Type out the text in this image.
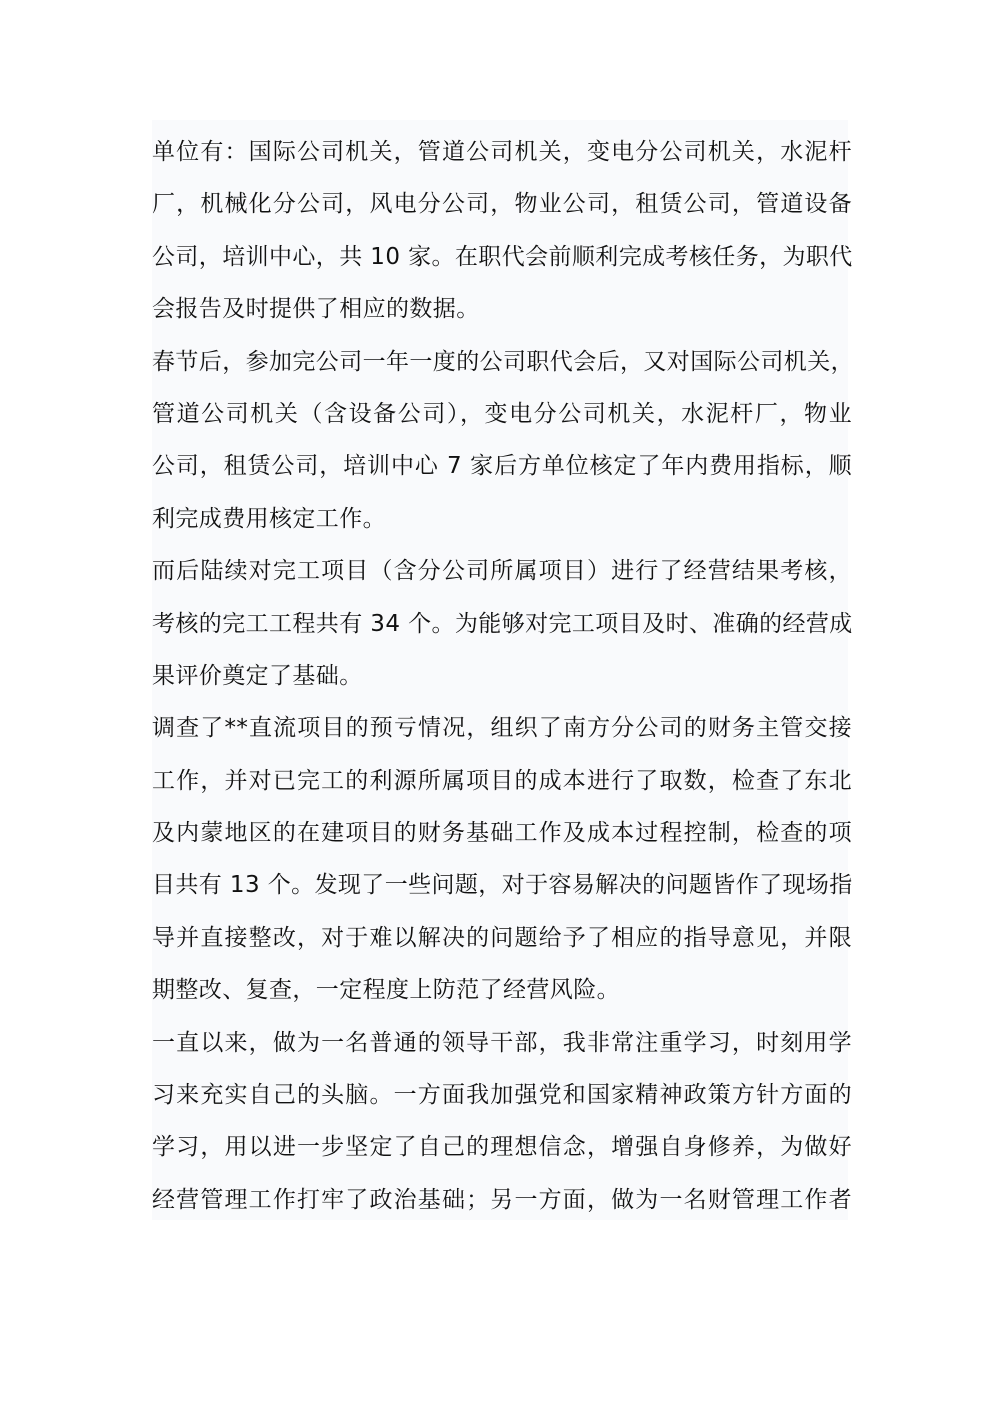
单位有：国际公司机关，管道公司机关，变电分公司机关，水泥杆
厂，机械化分公司，风电分公司，物业公司，租赁公司，管道设备
公司，培训中心，共 10 家。在职代会前顺利完成考核任务，为职代
会报告及时提供了相应的数据。

春节后，参加完公司一年一度的公司职代会后，又对国际公司机关，
管道公司机关（含设备公司），变电分公司机关，水泥杆厂，物业
公司，租赁公司，培训中心 7 家后方单位核定了年内费用指标，顺
利完成费用核定工作。

而后陆续对完工项目（含分公司所属项目）进行了经营结果考核，
考核的完工工程共有 34 个。为能够对完工项目及时、准确的经营成
果评价奠定了基础。

调查了**直流项目的预亏情况，组织了南方分公司的财务主管交接
工作，并对已完工的利源所属项目的成本进行了取数，检查了东北
及内蒙地区的在建项目的财务基础工作及成本过程控制，检查的项
目共有 13 个。发现了一些问题，对于容易解决的问题皆作了现场指
导并直接整改，对于难以解决的问题给予了相应的指导意见，并限
期整改、复查，一定程度上防范了经营风险。

一直以来，做为一名普通的领导干部，我非常注重学习，时刻用学
习来充实自己的头脑。一方面我加强党和国家精神政策方针方面的
学习，用以进一步坚定了自己的理想信念，增强自身修养，为做好
经营管理工作打牢了政治基础；另一方面，做为一名财管理工作者
